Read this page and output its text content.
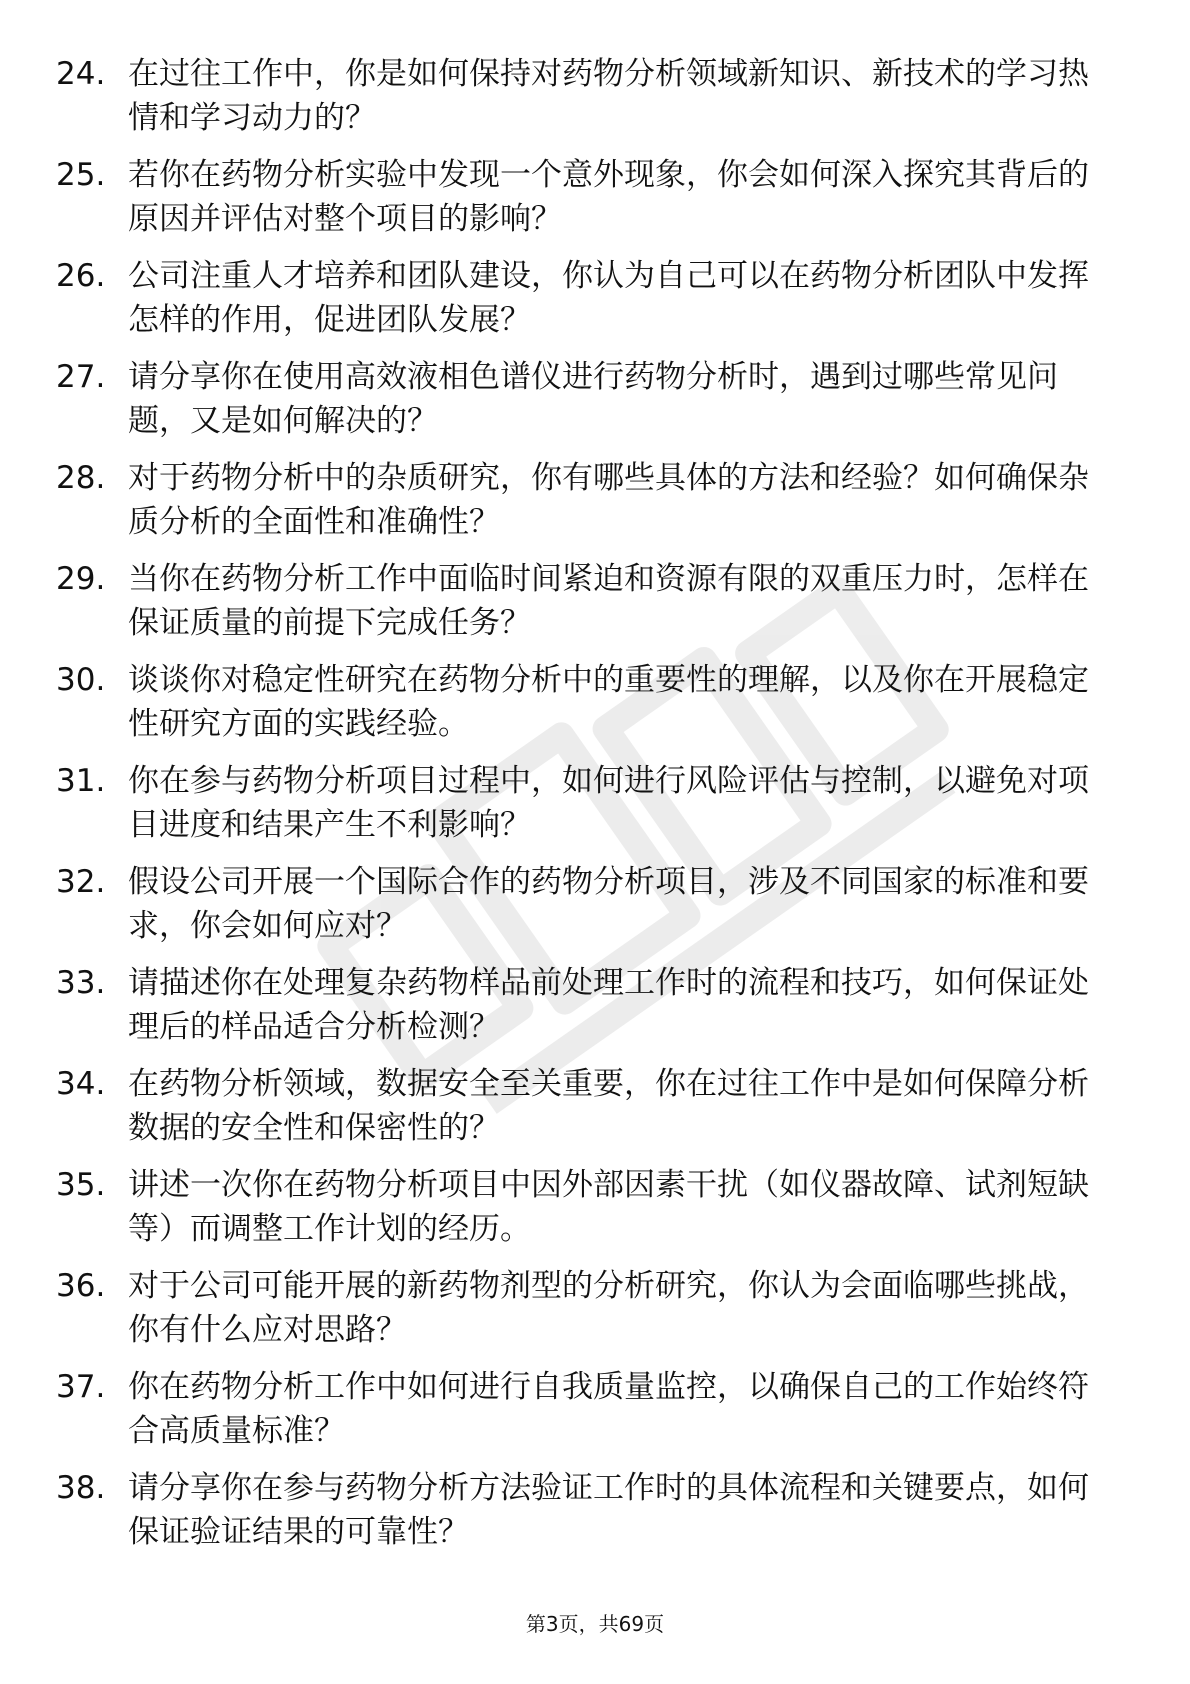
24. 在过往工作中，你是如何保持对药物分析领域新知识、新技术的学习热情和学习动力的？
25. 若你在药物分析实验中发现一个意外现象，你会如何深入探究其背后的原因并评估对整个项目的影响？
26. 公司注重人才培养和团队建设，你认为自己可以在药物分析团队中发挥怎样的作用，促进团队发展？
27. 请分享你在使用高效液相色谱仪进行药物分析时，遇到过哪些常见问题，又是如何解决的？
28. 对于药物分析中的杂质研究，你有哪些具体的方法和经验？如何确保杂质分析的全面性和准确性？
29. 当你在药物分析工作中面临时间紧迫和资源有限的双重压力时，怎样在保证质量的前提下完成任务？
30. 谈谈你对稳定性研究在药物分析中的重要性的理解，以及你在开展稳定性研究方面的实践经验。
31. 你在参与药物分析项目过程中，如何进行风险评估与控制，以避免对项目进度和结果产生不利影响？
32. 假设公司开展一个国际合作的药物分析项目，涉及不同国家的标准和要求，你会如何应对？
33. 请描述你在处理复杂药物样品前处理工作时的流程和技巧，如何保证处理后的样品适合分析检测？
34. 在药物分析领域，数据安全至关重要，你在过往工作中是如何保障分析数据的安全性和保密性的？
35. 讲述一次你在药物分析项目中因外部因素干扰（如仪器故障、试剂短缺等）而调整工作计划的经历。
36. 对于公司可能开展的新药物剂型的分析研究，你认为会面临哪些挑战，你有什么应对思路？
37. 你在药物分析工作中如何进行自我质量监控，以确保自己的工作始终符合高质量标准？
38. 请分享你在参与药物分析方法验证工作时的具体流程和关键要点，如何保证验证结果的可靠性？
第3页，共69页
